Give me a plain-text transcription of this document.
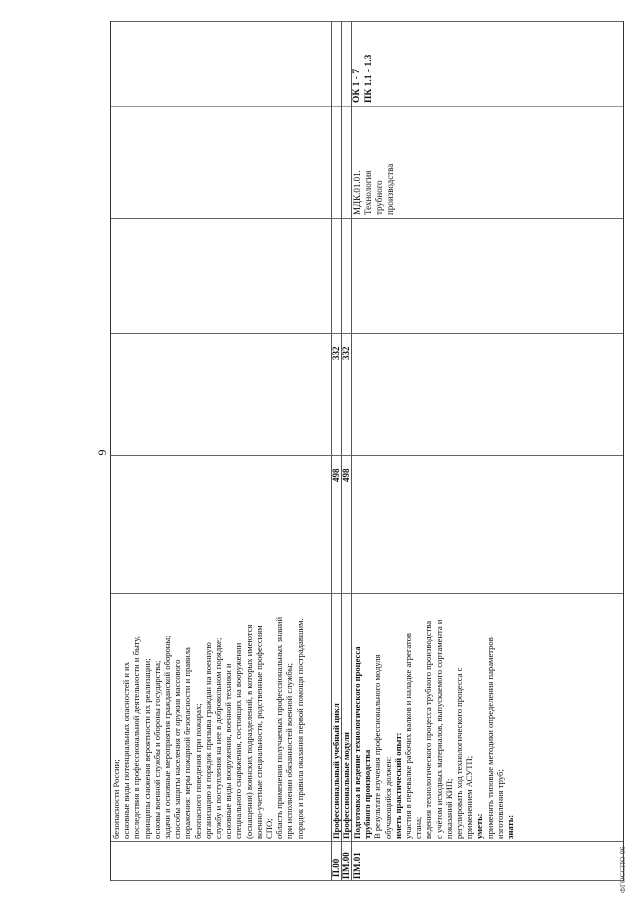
9
безопасности России; основные виды потенциальных опасностей и их последствия в профессиональной деятельности и быту, принципы снижения вероятности их реализации; основы военной службы и обороны государства; задачи и основные мероприятия гражданской обороны; способы защиты населения от оружия массового поражения: меры пожарной безопасности и правила безопасного поведения при пожарах; организацию и порядок призыва граждан на военную службу и поступления на нее в добровольном порядке; основные виды вооружения, военной техники и специального снаряжения, состоящих на вооружении (оснащении) воинских подразделений, в которых имеются военно-учетные специальности, родственные профессиям СПО; область применения получаемых профессиональных знаний при исполнении обязанностей военной службы; порядок и правила оказания первой помощи пострадавшим.
П.00
Профессиональный учебный цикл
498
332
ПМ.00
Профессиональные модули
498
332
ПМ.01
Подготовка и ведение технологического процесса трубного производства В результате изучения профессионального модуля обучающийся должен: иметь практический опыт: участия в перевалке рабочих валков и наладке агрегатов стана; ведения технологического процесса трубного производства с учётом исходных материалов, выпускаемого сортамента и показаний КИП; регулировать ход технологического процесса с применением АСУТП; уметь: применять типовые методики определения параметров изготовления труб; знать:
МДК.01.01. Технология трубного производства
ОК 1 - 7 ПК 1.1 - 1.3
ФГОССПО-06
